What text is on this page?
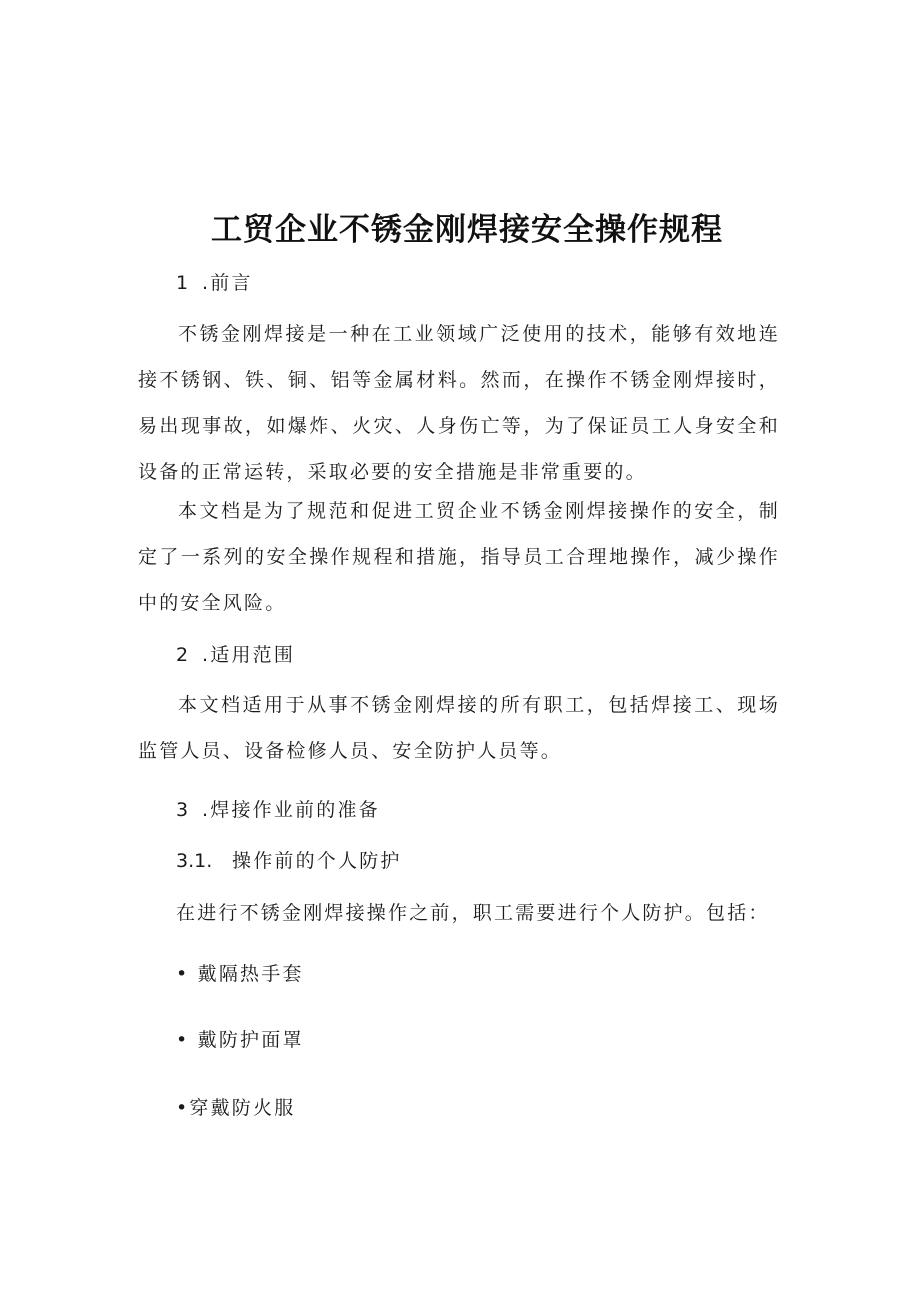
工贸企业不锈金刚焊接安全操作规程
1 .前言
不锈金刚焊接是一种在工业领域广泛使用的技术，能够有效地连接不锈钢、铁、铜、铝等金属材料。然而，在操作不锈金刚焊接时，易出现事故，如爆炸、火灾、人身伤亡等，为了保证员工人身安全和设备的正常运转，采取必要的安全措施是非常重要的。
本文档是为了规范和促进工贸企业不锈金刚焊接操作的安全，制定了一系列的安全操作规程和措施，指导员工合理地操作，减少操作中的安全风险。
2 .适用范围
本文档适用于从事不锈金刚焊接的所有职工，包括焊接工、现场监管人员、设备检修人员、安全防护人员等。
3 .焊接作业前的准备
3.1. 操作前的个人防护
在进行不锈金刚焊接操作之前，职工需要进行个人防护。包括：
• 戴隔热手套
• 戴防护面罩
•穿戴防火服
